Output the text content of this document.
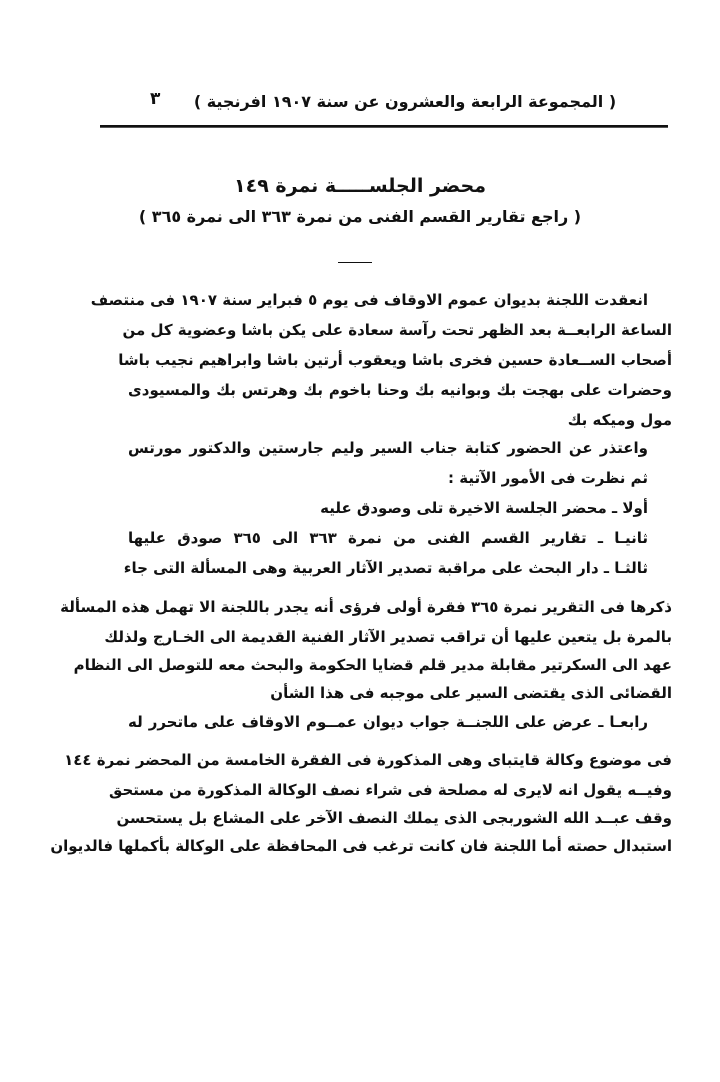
( المجموعة الرابعة والعشرون عن سنة ١٩٠٧ افرنجية )
٣
محضر الجلســـــة نمرة ١٤٩
( راجع تقارير القسم الفنى من نمرة ٣٦٣ الى نمرة ٣٦٥ )
انعقدت اللجنة بديوان عموم الاوقاف فى يوم ٥ فبراير سنة ١٩٠٧ فى منتصف
الساعة الرابعــة بعد الظهر تحت رآسة سعادة على يكن باشا وعضوية كل من
أصحاب الســعادة حسين فخرى باشا ويعقوب أرتين باشا وابراهيم نجيب باشا
وحضرات على بهجت بك وبوانيه بك وحنا باخوم بك وهرتس بك والمسيودى
مول وميكه بك
واعتذر عن الحضور كتابة جناب السير وليم جارستين والدكتور مورتس
ثم نظرت فى الأمور الآتية :
أولا ـ محضر الجلسة الاخيرة تلى وصودق عليه
ثانيـا ـ تقارير القسم الفنى من نمرة ٣٦٣ الى ٣٦٥ صودق عليها
ثالثـا ـ دار البحث على مراقبة تصدير الآثار العربية وهى المسألة التى جاء
ذكرها فى التقرير نمرة ٣٦٥ فقرة أولى فرؤى أنه يجدر باللجنة الا تهمل هذه المسألة
بالمرة بل يتعين عليها أن تراقب تصدير الآثار الفنية القديمة الى الخـارج ولذلك
عهد الى السكرتير مقابلة مدير قلم قضايا الحكومة والبحث معه للتوصل الى النظام
القضائى الذى يقتضى السير على موجبه فى هذا الشأن
رابعـا ـ عرض على اللجنــة جواب ديوان عمــوم الاوقاف على ماتحرر له
فى موضوع وكالة قايتباى وهى المذكورة فى الفقرة الخامسة من المحضر نمرة ١٤٤
وفيــه يقول انه لايرى له مصلحة فى شراء نصف الوكالة المذكورة من مستحق
وقف عبــد الله الشوربجى الذى يملك النصف الآخر على المشاع بل يستحسن
استبدال حصته أما اللجنة فان كانت ترغب فى المحافظة على الوكالة بأكملها فالديوان
